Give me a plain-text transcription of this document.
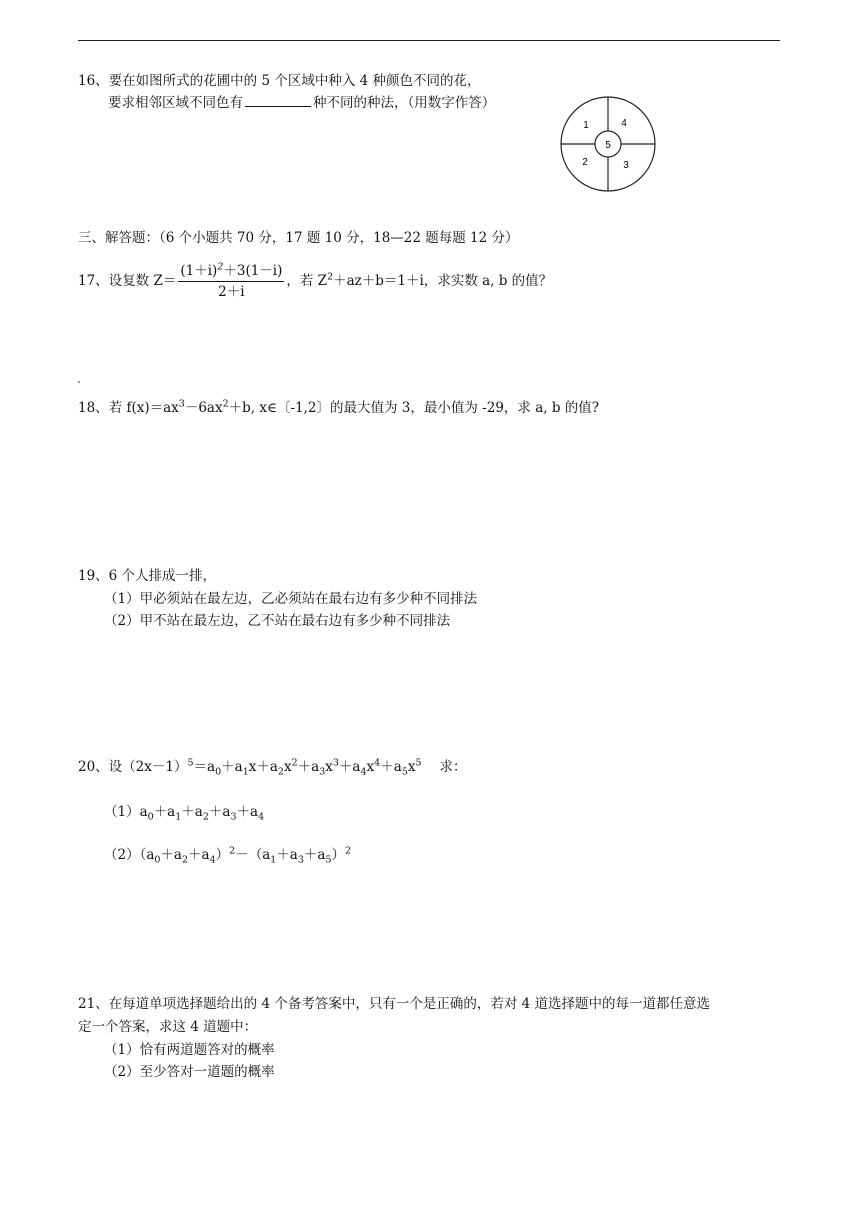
16、要在如图所式的花圃中的 5 个区域中种入 4 种颜色不同的花，
要求相邻区域不同色有	种不同的种法，（用数字作答）
1	4
5
2	3
三、解答题：（6 个小题共 70 分，17 题 10 分，18—22 题每题 12 分）
17、设复数 $Z= \frac{(1+i)^2+3(1-i)}{2+i}$ ，若 $Z^2+az+b=1+i$，求实数 a, b 的值？
18、若 $f(x)=ax^3-6ax^2+b$, x∈〔-1,2〕的最大值为 3，最小值为 -29，求 a, b 的值?
19、6 个人排成一排，
（1）甲必须站在最左边，乙必须站在最右边有多少种不同排法
（2）甲不站在最左边，乙不站在最右边有多少种不同排法
20、设$(2x-1)^5=a_0+a_1x+a_2x^2+a_3x^3+a_4x^4+a_5x^5$ 求：
$(1)a_0+a_1+a_2+a_3+a_4$
$(2)(a_0+a_2+a_4)^2-(a_1+a_3+a_5)^2$
21、在每道单项选择题给出的 4 个备考答案中，只有一个是正确的，若对 4 道选择题中的每一道都任意选
定一个答案，求这 4 道题中：
（1）恰有两道题答对的概率
（2）至少答对一道题的概率
